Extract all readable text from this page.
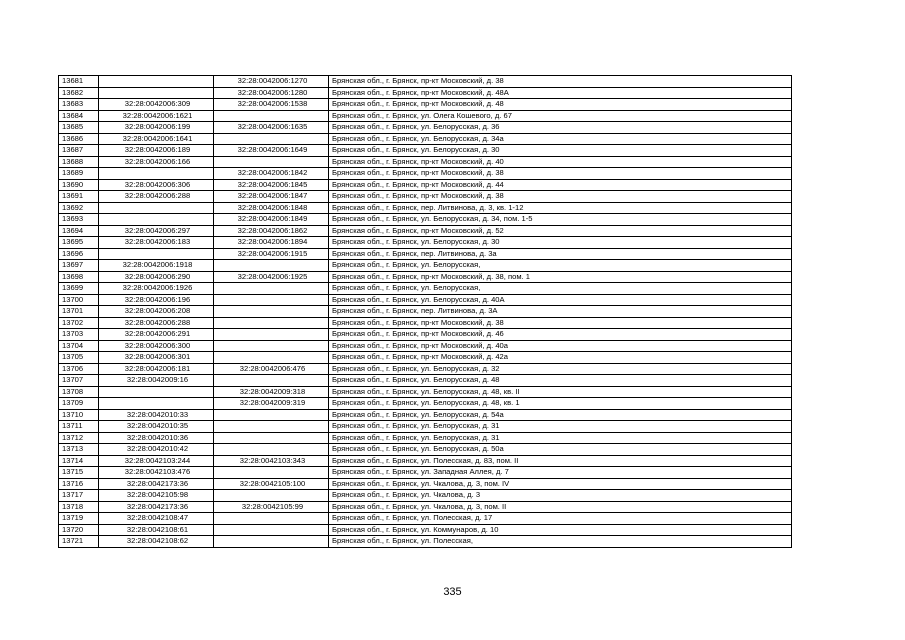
13681		32:28:0042006:1270	Брянская обл., г. Брянск, пр-кт Московский, д. 38
13682		32:28:0042006:1280	Брянская обл., г. Брянск, пр-кт Московский, д. 48А
13683	32:28:0042006:309	32:28:0042006:1538	Брянская обл., г. Брянск, пр-кт Московский, д. 48
13684	32:28:0042006:1621		Брянская обл., г. Брянск, ул. Олега Кошевого, д. 67
13685	32:28:0042006:199	32:28:0042006:1635	Брянская обл., г. Брянск, ул. Белорусская, д. 36
13686	32:28:0042006:1641		Брянская обл., г. Брянск, ул. Белорусская, д. 34а
13687	32:28:0042006:189	32:28:0042006:1649	Брянская обл., г. Брянск, ул. Белорусская, д. 30
13688	32:28:0042006:166		Брянская обл., г. Брянск, пр-кт Московский, д. 40
13689		32:28:0042006:1842	Брянская обл., г. Брянск, пр-кт Московский, д. 38
13690	32:28:0042006:306	32:28:0042006:1845	Брянская обл., г. Брянск, пр-кт Московский, д. 44
13691	32:28:0042006:288	32:28:0042006:1847	Брянская обл., г. Брянск, пр-кт Московский, д. 38
13692		32:28:0042006:1848	Брянская обл., г. Брянск, пер. Литвинова, д. 3, кв. 1-12
13693		32:28:0042006:1849	Брянская обл., г. Брянск, ул. Белорусская, д. 34, пом. 1-5
13694	32:28:0042006:297	32:28:0042006:1862	Брянская обл., г. Брянск, пр-кт Московский, д. 52
13695	32:28:0042006:183	32:28:0042006:1894	Брянская обл., г. Брянск, ул. Белорусская, д. 30
13696		32:28:0042006:1915	Брянская обл., г. Брянск, пер. Литвинова, д. 3а
13697	32:28:0042006:1918		Брянская обл., г. Брянск, ул. Белорусская,
13698	32:28:0042006:290	32:28:0042006:1925	Брянская обл., г. Брянск, пр-кт Московский, д. 38, пом. 1
13699	32:28:0042006:1926		Брянская обл., г. Брянск, ул. Белорусская,
13700	32:28:0042006:196		Брянская обл., г. Брянск, ул. Белорусская, д. 40А
13701	32:28:0042006:208		Брянская обл., г. Брянск, пер. Литвинова, д. 3А
13702	32:28:0042006:288		Брянская обл., г. Брянск, пр-кт Московский, д. 38
13703	32:28:0042006:291		Брянская обл., г. Брянск, пр-кт Московский, д. 46
13704	32:28:0042006:300		Брянская обл., г. Брянск, пр-кт Московский, д. 40а
13705	32:28:0042006:301		Брянская обл., г. Брянск, пр-кт Московский, д. 42а
13706	32:28:0042006:181	32:28:0042006:476	Брянская обл., г. Брянск, ул. Белорусская, д. 32
13707	32:28:0042009:16		Брянская обл., г. Брянск, ул. Белорусская, д. 48
13708		32:28:0042009:318	Брянская обл., г. Брянск, ул. Белорусская, д. 48, кв. II
13709		32:28:0042009:319	Брянская обл., г. Брянск, ул. Белорусская, д. 48, кв. 1
13710	32:28:0042010:33		Брянская обл., г. Брянск, ул. Белорусская, д. 54а
13711	32:28:0042010:35		Брянская обл., г. Брянск, ул. Белорусская, д. 31
13712	32:28:0042010:36		Брянская обл., г. Брянск, ул. Белорусская, д. 31
13713	32:28:0042010:42		Брянская обл., г. Брянск, ул. Белорусская, д. 50а
13714	32:28:0042103:244	32:28:0042103:343	Брянская обл., г. Брянск, ул. Полесская, д. 83, пом. II
13715	32:28:0042103:476		Брянская обл., г. Брянск, ул. Западная Аллея, д. 7
13716	32:28:0042173:36	32:28:0042105:100	Брянская обл., г. Брянск, ул. Чкалова, д. 3, пом. IV
13717	32:28:0042105:98		Брянская обл., г. Брянск, ул. Чкалова, д. 3
13718	32:28:0042173:36	32:28:0042105:99	Брянская обл., г. Брянск, ул. Чкалова, д. 3, пом. II
13719	32:28:0042108:47		Брянская обл., г. Брянск, ул. Полесская, д. 17
13720	32:28:0042108:61		Брянская обл., г. Брянск, ул. Коммунаров, д. 10
13721	32:28:0042108:62		Брянская обл., г. Брянск, ул. Полесская,
335
